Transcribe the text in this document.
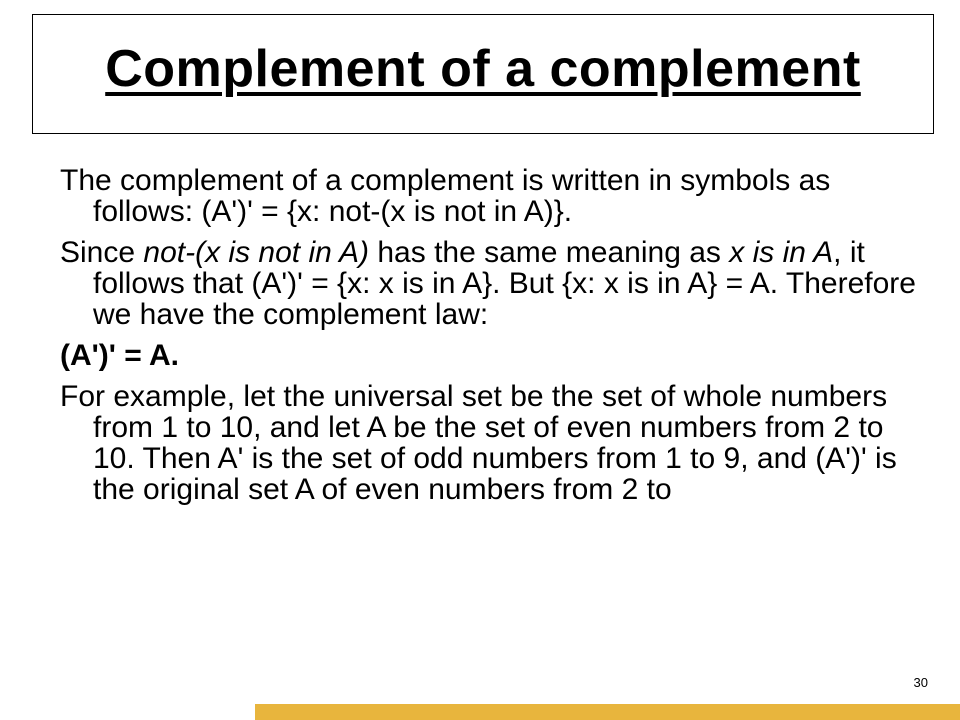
Complement of a complement

The complement of a complement is written in symbols as follows: (A')' = {x: not-(x is not in A)}.

Since not-(x is not in A) has the same meaning as x is in A, it follows that (A')' = {x: x is in A}. But {x: x is in A} = A. Therefore we have the complement law:

(A')' = A.

For example, let the universal set be the set of whole numbers from 1 to 10, and let A be the set of even numbers from 2 to 10. Then A' is the set of odd numbers from 1 to 9, and (A')' is the original set A of even numbers from 2 to

30
